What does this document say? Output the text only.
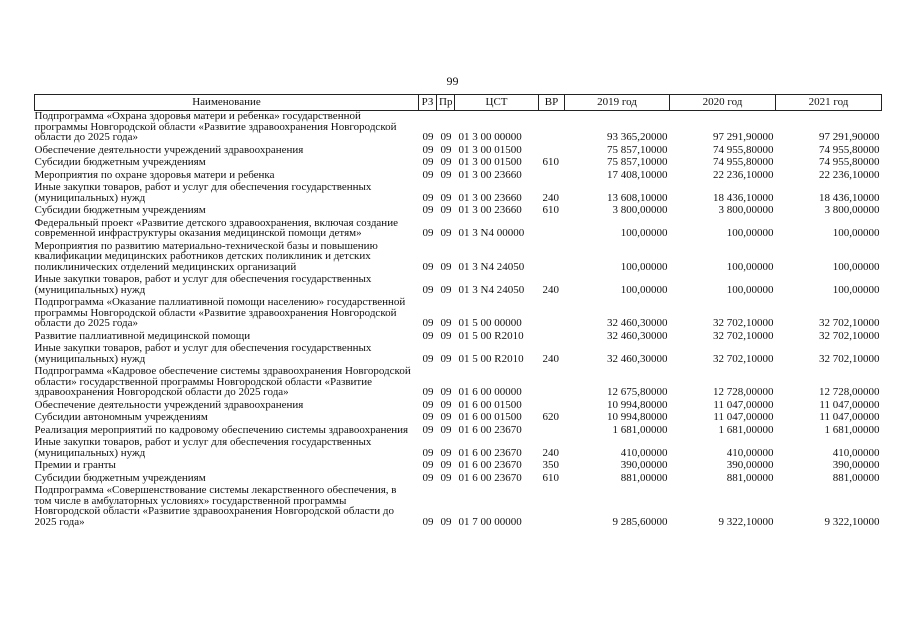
99
Наименование	РЗ	Пр	ЦСТ	ВР	2019 год	2020 год	2021 год
Подпрограмма «Охрана здоровья матери и ребенка» государственной программы Новгородской области «Развитие здравоохранения Новгородской области до 2025 года»	09	09	01 3 00 00000		93 365,20000	97 291,90000	97 291,90000
Обеспечение деятельности учреждений здравоохранения	09	09	01 3 00 01500		75 857,10000	74 955,80000	74 955,80000
Субсидии бюджетным учреждениям	09	09	01 3 00 01500	610	75 857,10000	74 955,80000	74 955,80000
Мероприятия по охране здоровья матери и ребенка	09	09	01 3 00 23660		17 408,10000	22 236,10000	22 236,10000
Иные закупки товаров, работ и услуг для обеспечения государственных (муниципальных) нужд	09	09	01 3 00 23660	240	13 608,10000	18 436,10000	18 436,10000
Субсидии бюджетным учреждениям	09	09	01 3 00 23660	610	3 800,00000	3 800,00000	3 800,00000
Федеральный проект «Развитие детского здравоохранения, включая создание современной инфраструктуры оказания медицинской помощи детям»	09	09	01 3 N4 00000		100,00000	100,00000	100,00000
Мероприятия по развитию материально-технической базы и повышению квалификации медицинских работников детских поликлиник и детских поликлинических отделений медицинских организаций	09	09	01 3 N4 24050		100,00000	100,00000	100,00000
Иные закупки товаров, работ и услуг для обеспечения государственных (муниципальных) нужд	09	09	01 3 N4 24050	240	100,00000	100,00000	100,00000
Подпрограмма «Оказание паллиативной помощи населению» государственной программы Новгородской области «Развитие здравоохранения Новгородской области до 2025 года»	09	09	01 5 00 00000		32 460,30000	32 702,10000	32 702,10000
Развитие паллиативной медицинской помощи	09	09	01 5 00 R2010		32 460,30000	32 702,10000	32 702,10000
Иные закупки товаров, работ и услуг для обеспечения государственных (муниципальных) нужд	09	09	01 5 00 R2010	240	32 460,30000	32 702,10000	32 702,10000
Подпрограмма «Кадровое обеспечение системы здравоохранения Новгородской области» государственной программы Новгородской области «Развитие здравоохранения Новгородской области до 2025 года»	09	09	01 6 00 00000		12 675,80000	12 728,00000	12 728,00000
Обеспечение деятельности учреждений здравоохранения	09	09	01 6 00 01500		10 994,80000	11 047,00000	11 047,00000
Субсидии автономным учреждениям	09	09	01 6 00 01500	620	10 994,80000	11 047,00000	11 047,00000
Реализация мероприятий по кадровому обеспечению системы здравоохранения	09	09	01 6 00 23670		1 681,00000	1 681,00000	1 681,00000
Иные закупки товаров, работ и услуг для обеспечения государственных (муниципальных) нужд	09	09	01 6 00 23670	240	410,00000	410,00000	410,00000
Премии и гранты	09	09	01 6 00 23670	350	390,00000	390,00000	390,00000
Субсидии бюджетным учреждениям	09	09	01 6 00 23670	610	881,00000	881,00000	881,00000
Подпрограмма «Совершенствование системы лекарственного обеспечения, в том числе в амбулаторных условиях» государственной программы Новгородской области «Развитие здравоохранения Новгородской области до 2025 года»	09	09	01 7 00 00000		9 285,60000	9 322,10000	9 322,10000
